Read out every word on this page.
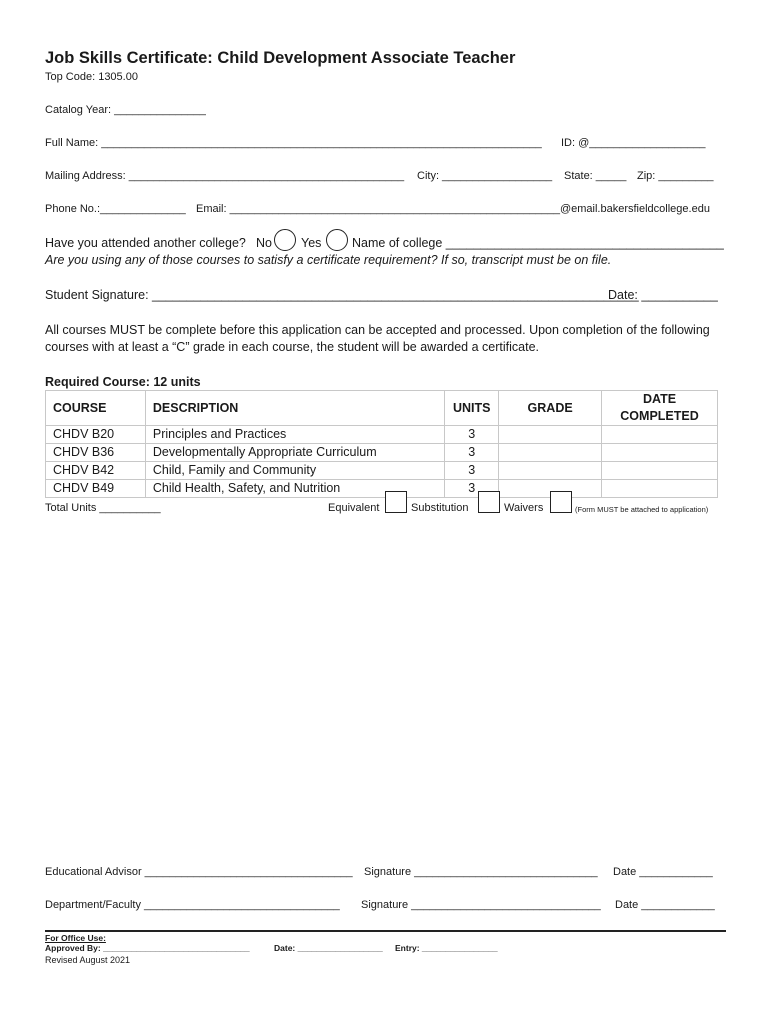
Job Skills Certificate: Child Development Associate Teacher
Top Code: 1305.00
Catalog Year: _______________
Full Name: ________________________________________________________________________ ID: @___________________
Mailing Address: _____________________________________________ City: __________________ State: _____ Zip: _________
Phone No.:______________ Email: ______________________________________________________@email.bakersfieldcollege.edu
Have you attended another college? No Yes Name of college ________________________________________
Are you using any of those courses to satisfy a certificate requirement? If so, transcript must be on file.
Student Signature: ______________________________________________________________________
Date: ___________
All courses MUST be complete before this application can be accepted and processed. Upon completion of the following
courses with at least a “C” grade in each course, the student will be awarded a certificate.
Required Course: 12 units
COURSE	DESCRIPTION	UNITS	GRADE	DATE COMPLETED
CHDV B20	Principles and Practices	3		
CHDV B36	Developmentally Appropriate Curriculum	3		
CHDV B42	Child, Family and Community	3		
CHDV B49	Child Health, Safety, and Nutrition	3		
Total Units __________	Equivalent	Substitution	Waivers	(Form MUST be attached to application)
Educational Advisor __________________________________ Signature ______________________________ Date ____________
Department/Faculty ________________________________ Signature _______________________________ Date ____________
For Office Use:
Approved By: _______________________________	Date: __________________ Entry: ________________
Revised August 2021
